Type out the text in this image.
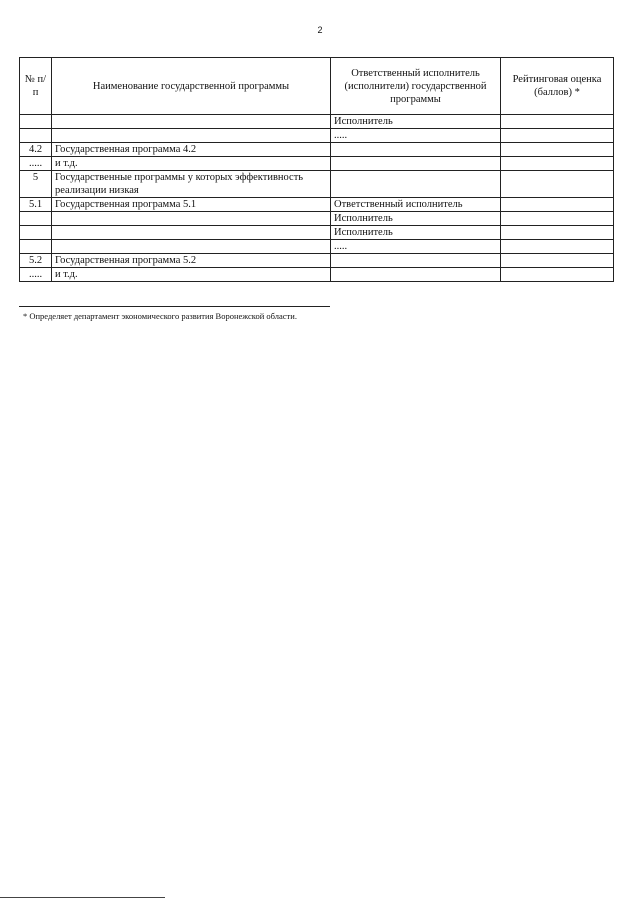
2
№ п/п	Наименование государственной программы	Ответственный исполнитель (исполнители) государственной программы	Рейтинговая оценка (баллов) *
		Исполнитель	
		.....	
4.2	Государственная программа 4.2		
.....	и т.д.		
5	Государственные программы у которых эффективность реализации низкая		
5.1	Государственная программа 5.1	Ответственный исполнитель	
		Исполнитель	
		Исполнитель	
		.....	
5.2	Государственная программа 5.2		
.....	и т.д.		
* Определяет департамент экономического развития Воронежской области.
